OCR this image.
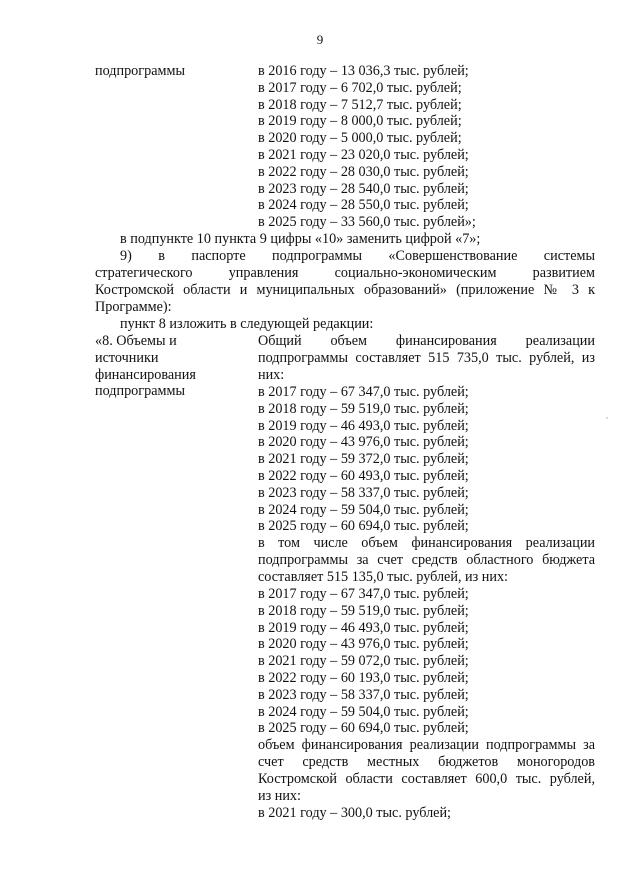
9
подпрограммы	в 2016 году – 13 036,3 тыс. рублей;
в 2017 году – 6 702,0 тыс. рублей;
в 2018 году – 7 512,7 тыс. рублей;
в 2019 году – 8 000,0 тыс. рублей;
в 2020 году – 5 000,0 тыс. рублей;
в 2021 году – 23 020,0 тыс. рублей;
в 2022 году – 28 030,0 тыс. рублей;
в 2023 году – 28 540,0 тыс. рублей;
в 2024 году – 28 550,0 тыс. рублей;
в 2025 году – 33 560,0 тыс. рублей»;
в подпункте 10 пункта 9 цифры «10» заменить цифрой «7»;
9)   в   паспорте   подпрограммы   «Совершенствование   системы
стратегического    управления    социально-экономическим    развитием
Костромской области и муниципальных образований» (приложение № 3 к
Программе):
пункт 8 изложить в следующей редакции:
«8. Объемы и
источники
финансирования
подпрограммы
Общий     объем     финансирования     реализации
подпрограммы составляет 515 735,0 тыс. рублей, из
них:
в 2017 году – 67 347,0 тыс. рублей;
в 2018 году – 59 519,0 тыс. рублей;
в 2019 году – 46 493,0 тыс. рублей;
в 2020 году – 43 976,0 тыс. рублей;
в 2021 году – 59 372,0 тыс. рублей;
в 2022 году – 60 493,0 тыс. рублей;
в 2023 году – 58 337,0 тыс. рублей;
в 2024 году – 59 504,0 тыс. рублей;
в 2025 году – 60 694,0 тыс. рублей;
в  том  числе  объем  финансирования  реализации
подпрограммы за счет средств областного бюджета
составляет 515 135,0 тыс. рублей, из них:
в 2017 году – 67 347,0 тыс. рублей;
в 2018 году – 59 519,0 тыс. рублей;
в 2019 году – 46 493,0 тыс. рублей;
в 2020 году – 43 976,0 тыс. рублей;
в 2021 году – 59 072,0 тыс. рублей;
в 2022 году – 60 193,0 тыс. рублей;
в 2023 году – 58 337,0 тыс. рублей;
в 2024 году – 59 504,0 тыс. рублей;
в 2025 году – 60 694,0 тыс. рублей;
объем финансирования реализации подпрограммы за
счет     средств     местных     бюджетов     моногородов
Костромской области составляет 600,0 тыс. рублей,
из них:
в 2021 году – 300,0 тыс. рублей;
